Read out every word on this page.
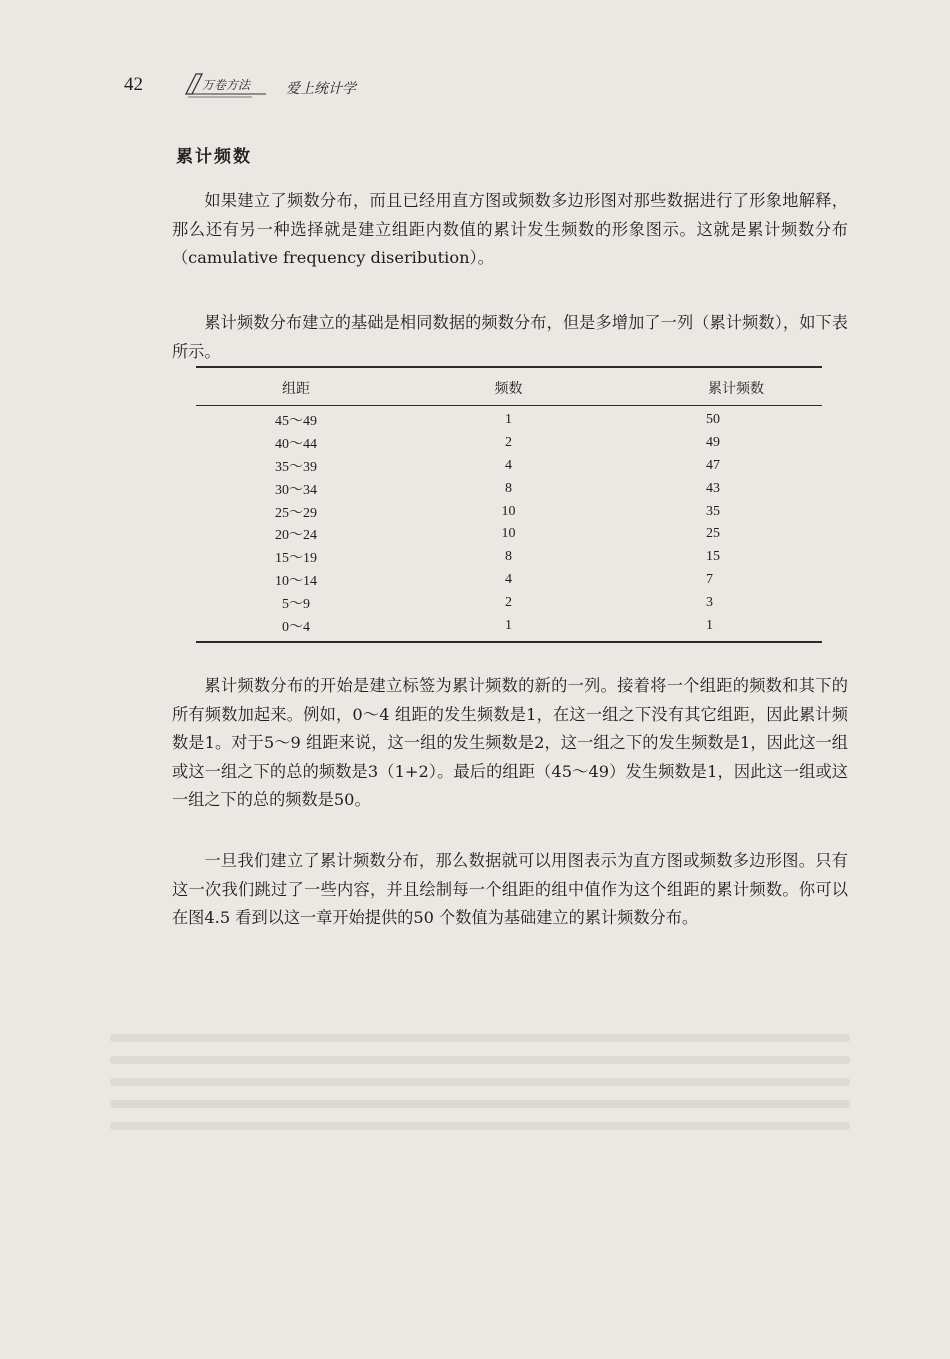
42	万卷方法	爱上统计学
累计频数
如果建立了频数分布，而且已经用直方图或频数多边形图对那些数据进行了形象地解释，那么还有另一种选择就是建立组距内数值的累计发生频数的形象图示。这就是累计频数分布（camulative frequency diseribution）。
累计频数分布建立的基础是相同数据的频数分布，但是多增加了一列（累计频数），如下表所示。
组距	频数	累计频数
45～49	1	50
40～44	2	49
35～39	4	47
30～34	8	43
25～29	10	35
20～24	10	25
15～19	8	15
10～14	4	7
5～9	2	3
0～4	1	1
累计频数分布的开始是建立标签为累计频数的新的一列。接着将一个组距的频数和其下的所有频数加起来。例如，0～4 组距的发生频数是1，在这一组之下没有其它组距，因此累计频数是1。对于5～9 组距来说，这一组的发生频数是2，这一组之下的发生频数是1，因此这一组或这一组之下的总的频数是3（1+2）。最后的组距（45～49）发生频数是1，因此这一组或这一组之下的总的频数是50。
一旦我们建立了累计频数分布，那么数据就可以用图表示为直方图或频数多边形图。只有这一次我们跳过了一些内容，并且绘制每一个组距的组中值作为这个组距的累计频数。你可以在图4.5 看到以这一章开始提供的50 个数值为基础建立的累计频数分布。
